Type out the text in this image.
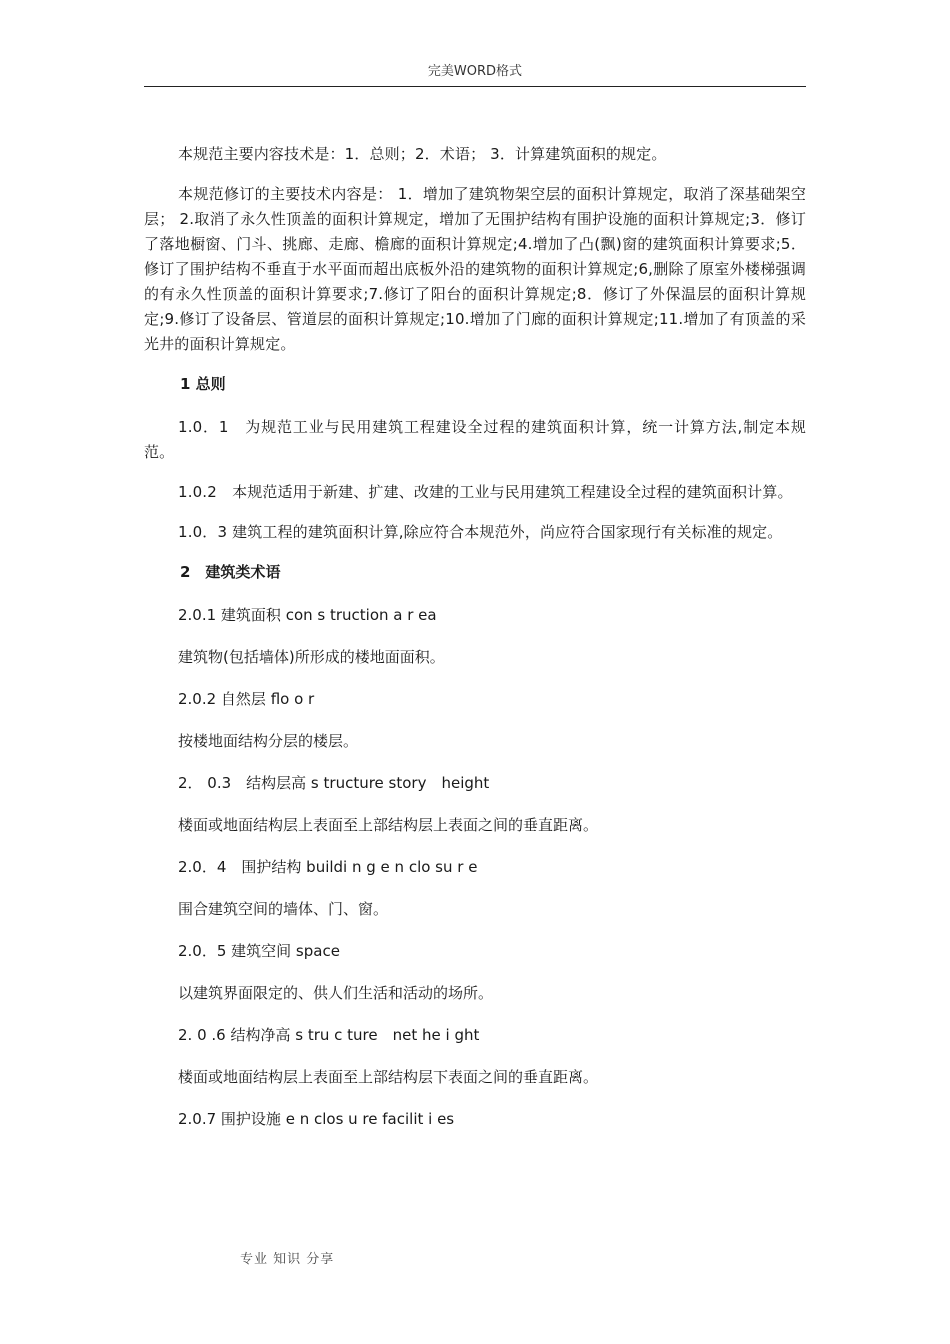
完美WORD格式

本规范主要内容技术是：1．总则；2．术语； 3．计算建筑面积的规定。

本规范修订的主要技术内容是： 1．增加了建筑物架空层的面积计算规定，取消了深基础架空层； 2.取消了永久性顶盖的面积计算规定，增加了无围护结构有围护设施的面积计算规定;3．修订了落地橱窗、门斗、挑廊、走廊、檐廊的面积计算规定;4.增加了凸(飘)窗的建筑面积计算要求;5．修订了围护结构不垂直于水平面而超出底板外沿的建筑物的面积计算规定;6,删除了原室外楼梯强调的有永久性顶盖的面积计算要求;7.修订了阳台的面积计算规定;8．修订了外保温层的面积计算规定;9.修订了设备层、管道层的面积计算规定;10.增加了门廊的面积计算规定;11.增加了有顶盖的采光井的面积计算规定。

1 总则

1.0．1　为规范工业与民用建筑工程建设全过程的建筑面积计算，统一计算方法,制定本规范。

1.0.2　本规范适用于新建、扩建、改建的工业与民用建筑工程建设全过程的建筑面积计算。

1.0．3 建筑工程的建筑面积计算,除应符合本规范外，尚应符合国家现行有关标准的规定。

2　建筑类术语
2.0.1 建筑面积 con s truction a r ea
建筑物(包括墙体)所形成的楼地面面积。
2.0.2 自然层 flo o r
按楼地面结构分层的楼层。
2． 0.3　结构层高 s tructure story　height
楼面或地面结构层上表面至上部结构层上表面之间的垂直距离。
2.0．4　围护结构 buildi n g e n clo su r e
围合建筑空间的墙体、门、窗。
2.0．5 建筑空间 space
以建筑界面限定的、供人们生活和活动的场所。
2. 0 .6 结构净高 s tru c ture　net he i ght
楼面或地面结构层上表面至上部结构层下表面之间的垂直距离。
2.0.7 围护设施 e n clos u re facilit i es
专业 知识 分享
